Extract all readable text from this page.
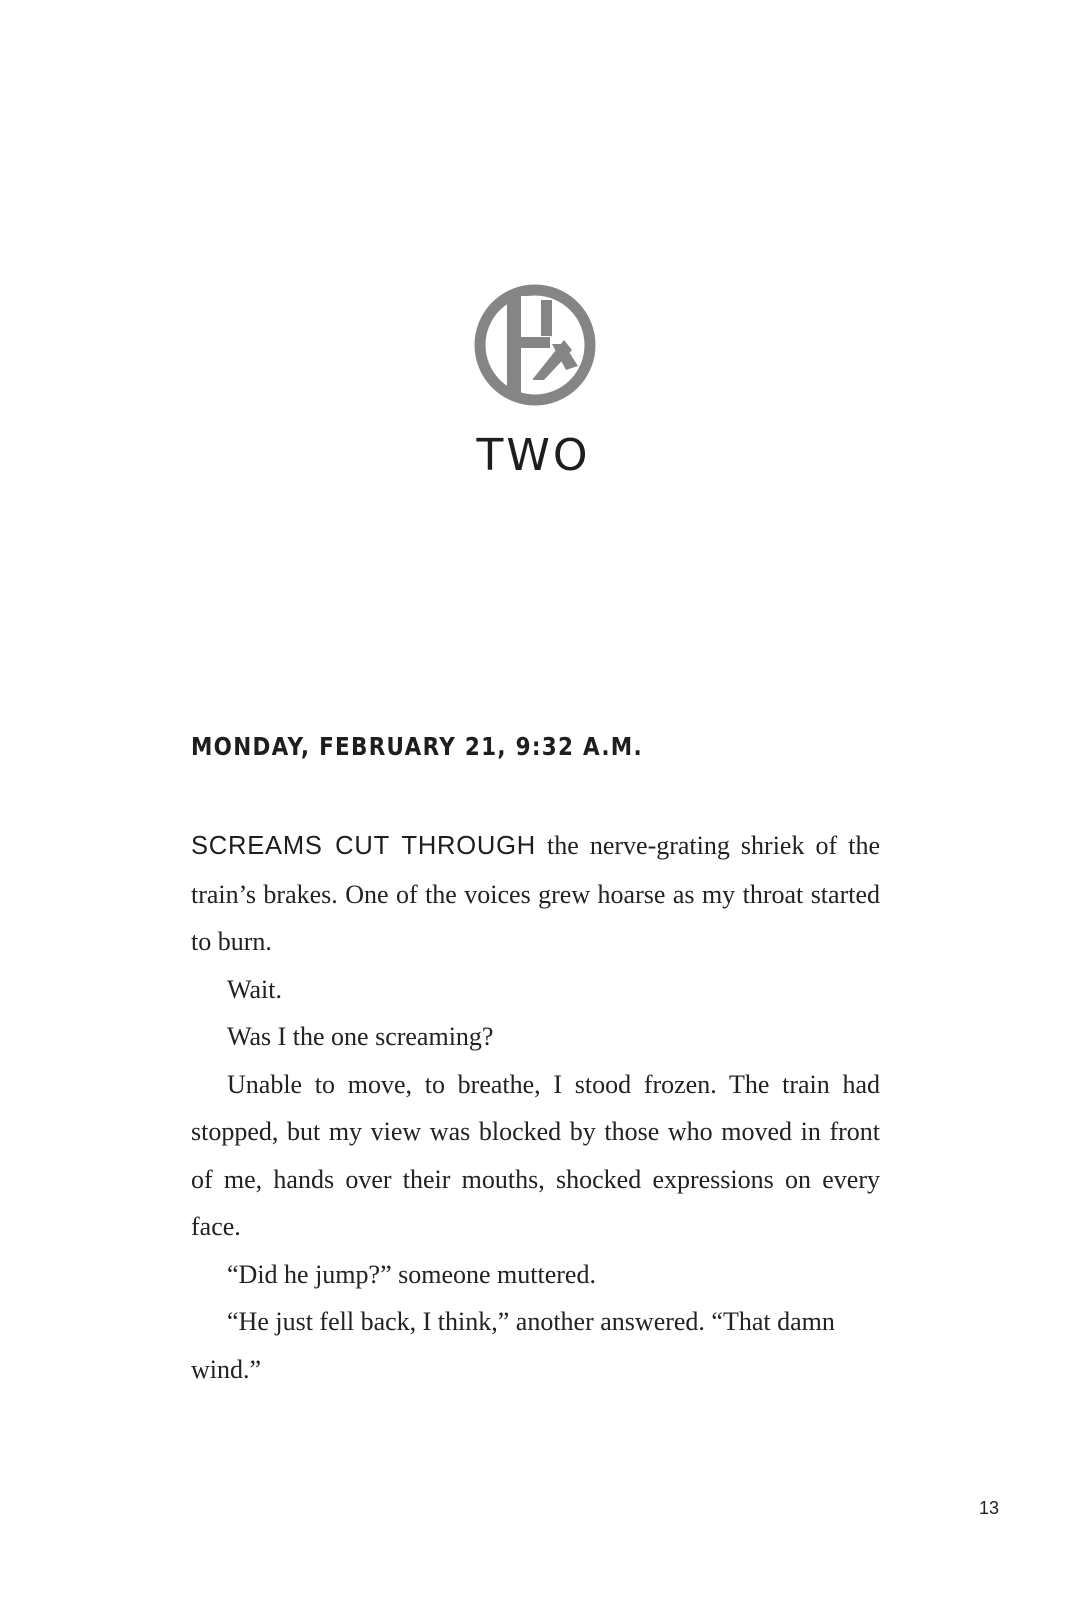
TWO
MONDAY, FEBRUARY 21, 9:32 A.M.

SCREAMS CUT THROUGH the nerve-grating shriek of the train’s brakes. One of the voices grew hoarse as my throat started to burn.

Wait.

Was I the one screaming?

Unable to move, to breathe, I stood frozen. The train had stopped, but my view was blocked by those who moved in front of me, hands over their mouths, shocked expressions on every face.

“Did he jump?” someone muttered.

“He just fell back, I think,” another answered. “That damn wind.”

13
